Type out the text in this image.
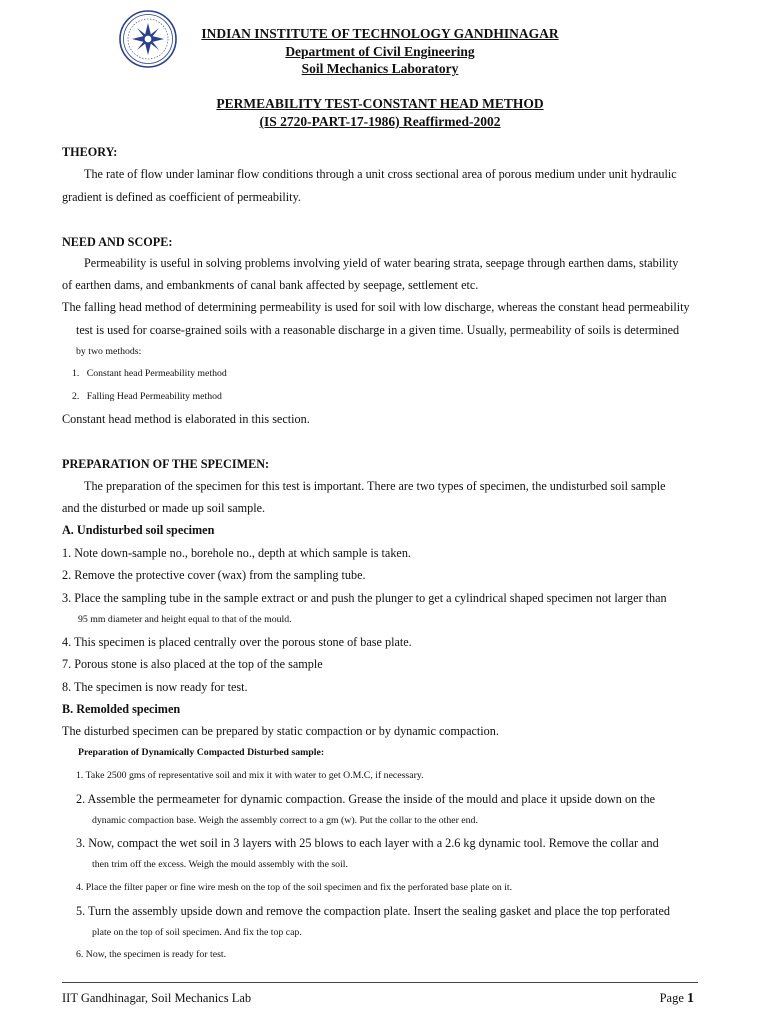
INDIAN INSTITUTE OF TECHNOLOGY GANDHINAGAR
Department of Civil Engineering
Soil Mechanics Laboratory
PERMEABILITY TEST-CONSTANT HEAD METHOD
(IS 2720-PART-17-1986) Reaffirmed-2002
THEORY:
The rate of flow under laminar flow conditions through a unit cross sectional area of porous medium under unit hydraulic
gradient is defined as coefficient of permeability.
NEED AND SCOPE:
Permeability is useful in solving problems involving yield of water bearing strata, seepage through earthen dams, stability
of earthen dams, and embankments of canal bank affected by seepage, settlement etc.
The falling head method of determining permeability is used for soil with low discharge, whereas the constant head permeability
test is used for coarse-grained soils with a reasonable discharge in a given time. Usually, permeability of soils is determined
by two methods:
1.   Constant head Permeability method
2.   Falling Head Permeability method
Constant head method is elaborated in this section.
PREPARATION OF THE SPECIMEN:
The preparation of the specimen for this test is important. There are two types of specimen, the undisturbed soil sample
and the disturbed or made up soil sample.
A. Undisturbed soil specimen
1. Note down-sample no., borehole no., depth at which sample is taken.
2. Remove the protective cover (wax) from the sampling tube.
3. Place the sampling tube in the sample extract or and push the plunger to get a cylindrical shaped specimen not larger than
95 mm diameter and height equal to that of the mould.
4. This specimen is placed centrally over the porous stone of base plate.
7. Porous stone is also placed at the top of the sample
8. The specimen is now ready for test.
B. Remolded specimen
The disturbed specimen can be prepared by static compaction or by dynamic compaction.
Preparation of Dynamically Compacted Disturbed sample:
1. Take 2500 gms of representative soil and mix it with water to get O.M.C, if necessary.
2. Assemble the permeameter for dynamic compaction. Grease the inside of the mould and place it upside down on the
dynamic compaction base. Weigh the assembly correct to a gm (w). Put the collar to the other end.
3. Now, compact the wet soil in 3 layers with 25 blows to each layer with a 2.6 kg dynamic tool. Remove the collar and
then trim off the excess. Weigh the mould assembly with the soil.
4. Place the filter paper or fine wire mesh on the top of the soil specimen and fix the perforated base plate on it.
5. Turn the assembly upside down and remove the compaction plate. Insert the sealing gasket and place the top perforated
plate on the top of soil specimen. And fix the top cap.
6. Now, the specimen is ready for test.
IIT Gandhinagar, Soil Mechanics Lab	Page 1
